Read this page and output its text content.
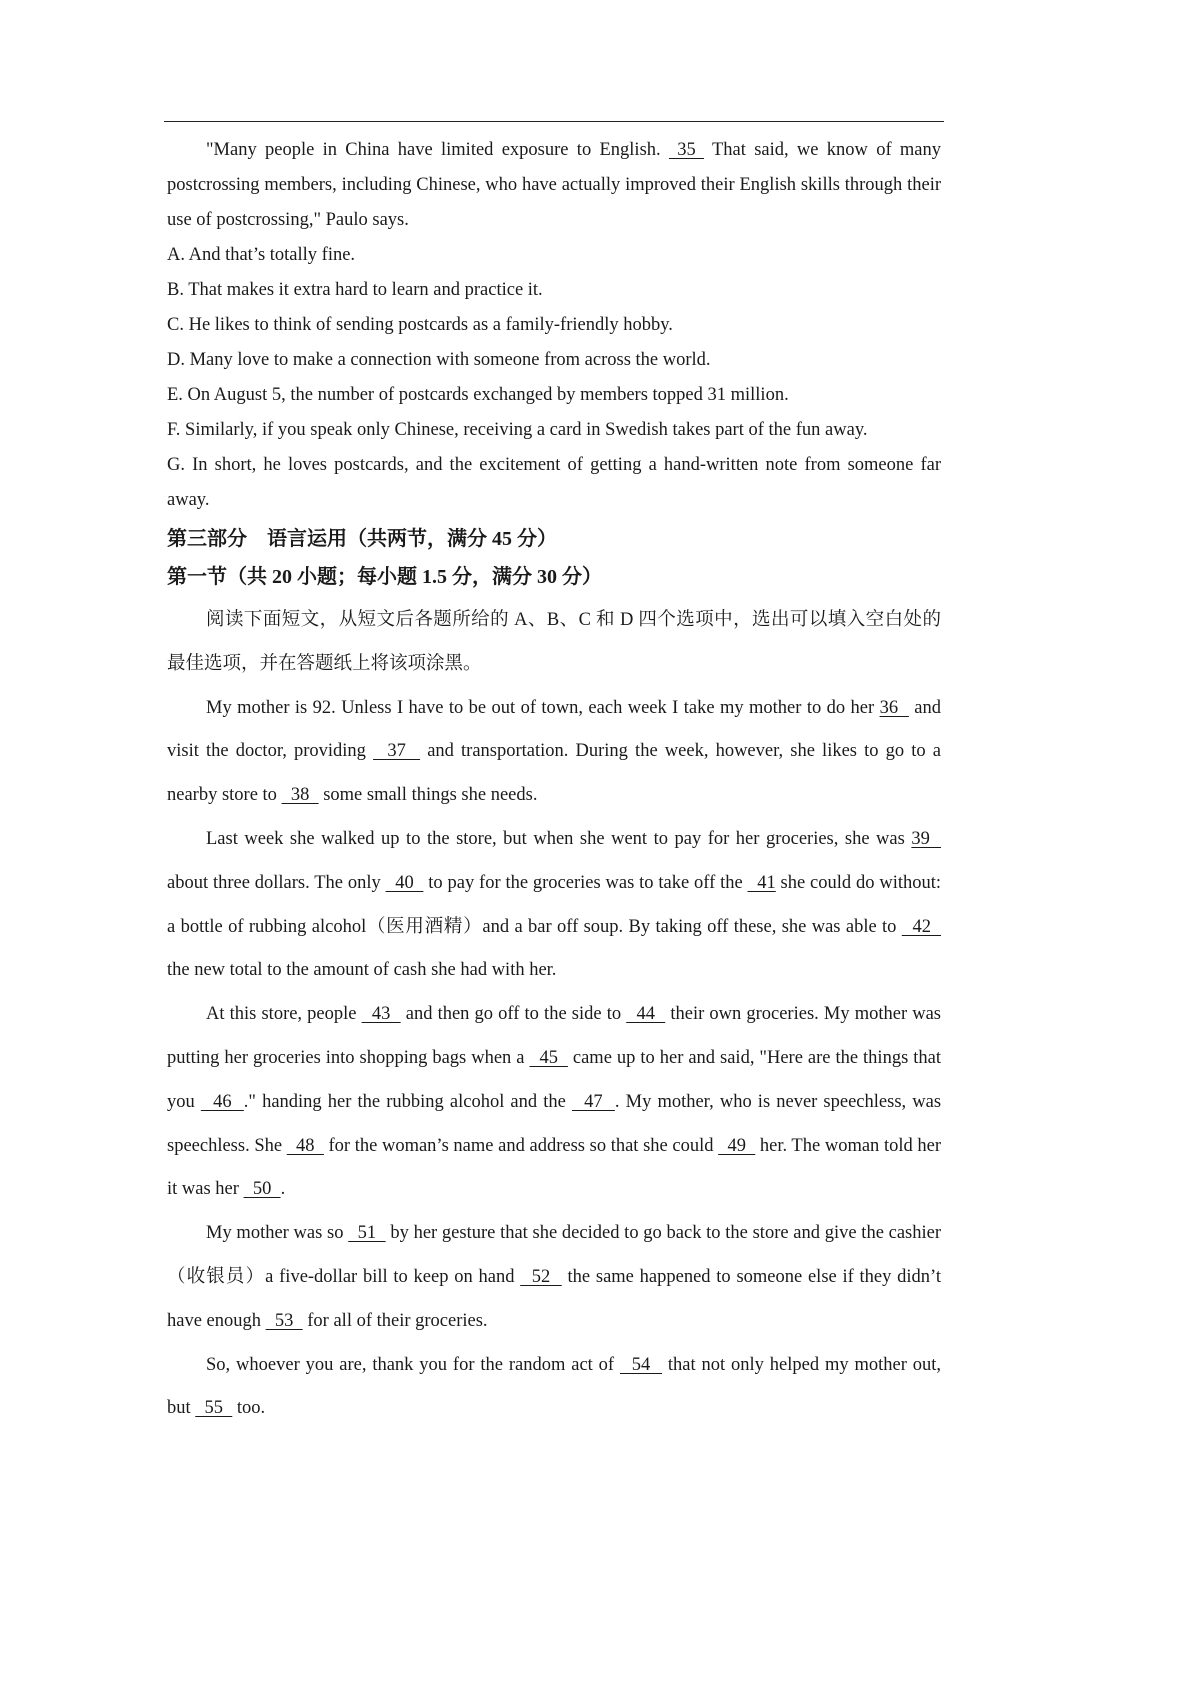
"Many people in China have limited exposure to English.  35  That said, we know of many postcrossing members, including Chinese, who have actually improved their English skills through their use of postcrossing," Paulo says.

A. And that’s totally fine.

B. That makes it extra hard to learn and practice it.

C. He likes to think of sending postcards as a family-friendly hobby.

D. Many love to make a connection with someone from across the world.

E. On August 5, the number of postcards exchanged by members topped 31 million.

F. Similarly, if you speak only Chinese, receiving a card in Swedish takes part of the fun away.

G. In short, he loves postcards, and the excitement of getting a hand-written note from someone far away.

第三部分　语言运用（共两节，满分 45 分）

第一节（共 20 小题；每小题 1.5 分，满分 30 分）

阅读下面短文，从短文后各题所给的 A、B、C 和 D 四个选项中，选出可以填入空白处的最佳选项，并在答题纸上将该项涂黑。

My mother is 92. Unless I have to be out of town, each week I take my mother to do her 36   and visit the doctor, providing   37   and transportation. During the week, however, she likes to go to a nearby store to   38   some small things she needs.

Last week she walked up to the store, but when she went to pay for her groceries, she was 39   about three dollars. The only   40   to pay for the groceries was to take off the   41 she could do without: a bottle of rubbing alcohol（医用酒精）and a bar off soup. By taking off these, she was able to   42   the new total to the amount of cash she had with her.

At this store, people   43   and then go off to the side to   44   their own groceries. My mother was putting her groceries into shopping bags when a   45   came up to her and said, "Here are the things that you   46  ." handing her the rubbing alcohol and the   47  . My mother, who is never speechless, was speechless. She   48   for the woman’s name and address so that she could   49   her. The woman told her it was her   50  .

My mother was so   51   by her gesture that she decided to go back to the store and give the cashier（收银员）a five-dollar bill to keep on hand   52   the same happened to someone else if they didn’t have enough   53   for all of their groceries.

So, whoever you are, thank you for the random act of   54   that not only helped my mother out, but   55   too.
